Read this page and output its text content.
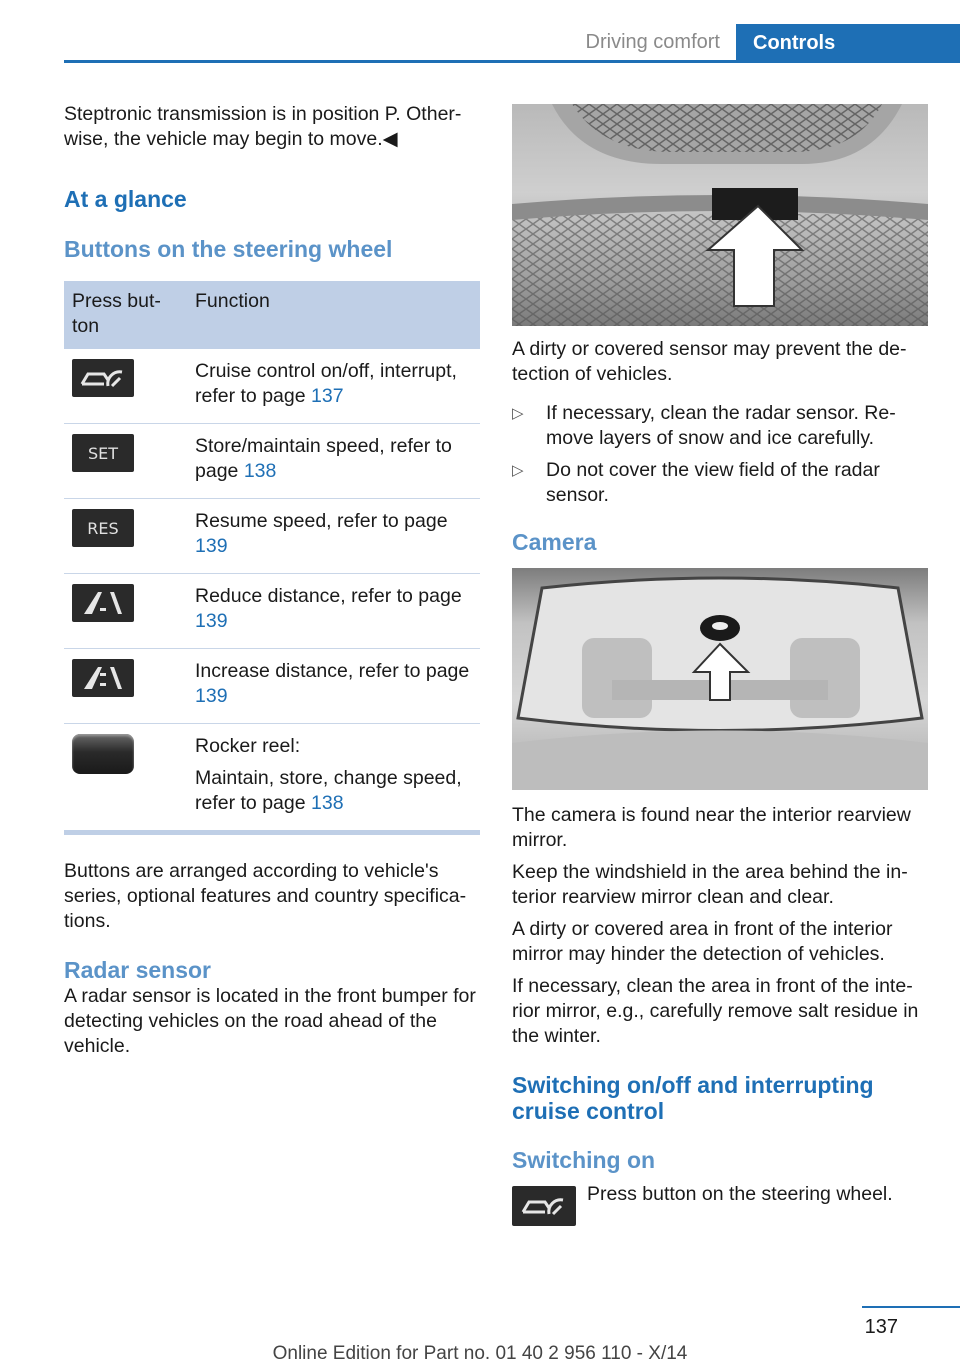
Driving comfort	Controls

Steptronic transmission is in position P. Other-wise, the vehicle may begin to move.◀

At a glance
Buttons on the steering wheel
Press but-ton	Function

	Cruise control on/off, interrupt, refer to page 137

SET	Store/maintain speed, refer to page 138

RES	Resume speed, refer to page 139

	Reduce distance, refer to page 139

	Increase distance, refer to page 139

	Rocker reel:
Maintain, store, change speed, refer to page 138

Buttons are arranged according to vehicle's series, optional features and country specifica-tions.

Radar sensor

A radar sensor is located in the front bumper for detecting vehicles on the road ahead of the vehicle.

A dirty or covered sensor may prevent the de-tection of vehicles.

▷ If necessary, clean the radar sensor. Re-move layers of snow and ice carefully.
▷ Do not cover the view field of the radar sensor.
Camera

The camera is found near the interior rearview mirror.

Keep the windshield in the area behind the in-terior rearview mirror clean and clear.

A dirty or covered area in front of the interior mirror may hinder the detection of vehicles.

If necessary, clean the area in front of the inte-rior mirror, e.g., carefully remove salt residue in the winter.

Switching on/off and interrupting cruise control
Switching on

Press button on the steering wheel.

137
Online Edition for Part no. 01 40 2 956 110 - X/14
